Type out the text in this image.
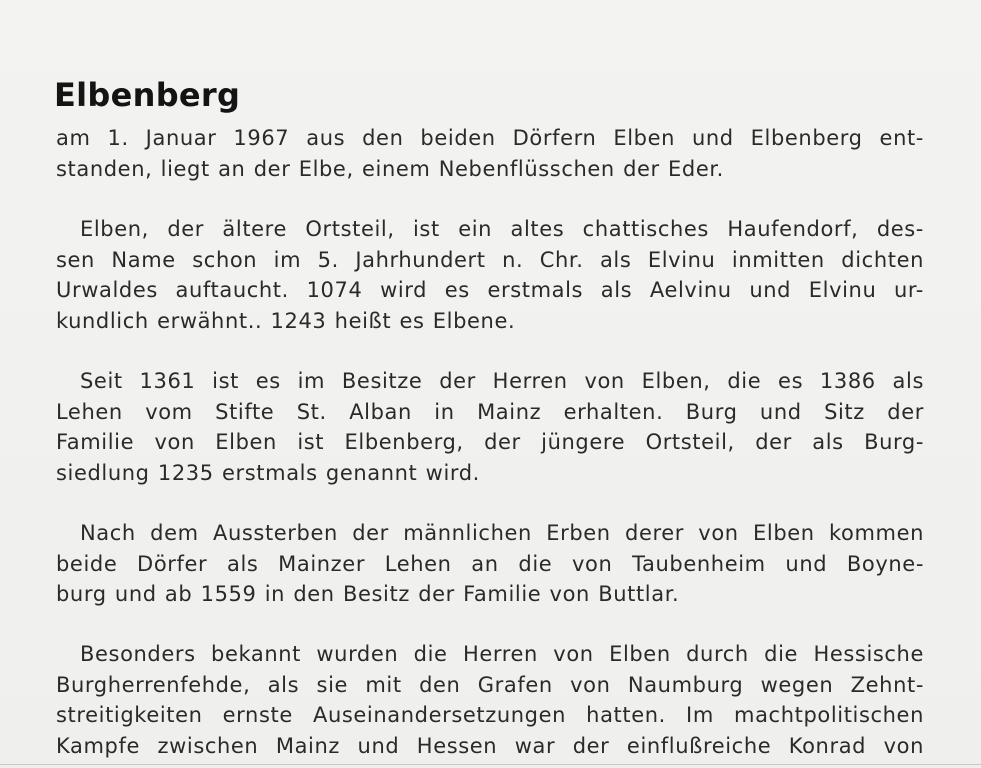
Elbenberg
am 1. Januar 1967 aus den beiden Dörfern Elben und Elbenberg ent-
standen, liegt an der Elbe, einem Nebenflüsschen der Eder.
Elben, der ältere Ortsteil, ist ein altes chattisches Haufendorf, des-
sen Name schon im 5. Jahrhundert n. Chr. als Elvinu inmitten dichten
Urwaldes auftaucht. 1074 wird es erstmals als Aelvinu und Elvinu ur-
kundlich erwähnt.. 1243 heißt es Elbene.
Seit 1361 ist es im Besitze der Herren von Elben, die es 1386 als
Lehen vom Stifte St. Alban in Mainz erhalten. Burg und Sitz der
Familie von Elben ist Elbenberg, der jüngere Ortsteil, der als Burg-
siedlung 1235 erstmals genannt wird.
Nach dem Aussterben der männlichen Erben derer von Elben kommen
beide Dörfer als Mainzer Lehen an die von Taubenheim und Boyne-
burg und ab 1559 in den Besitz der Familie von Buttlar.
Besonders bekannt wurden die Herren von Elben durch die Hessische
Burgherrenfehde, als sie mit den Grafen von Naumburg wegen Zehnt-
streitigkeiten ernste Auseinandersetzungen hatten. Im machtpolitischen
Kampfe zwischen Mainz und Hessen war der einflußreiche Konrad von
